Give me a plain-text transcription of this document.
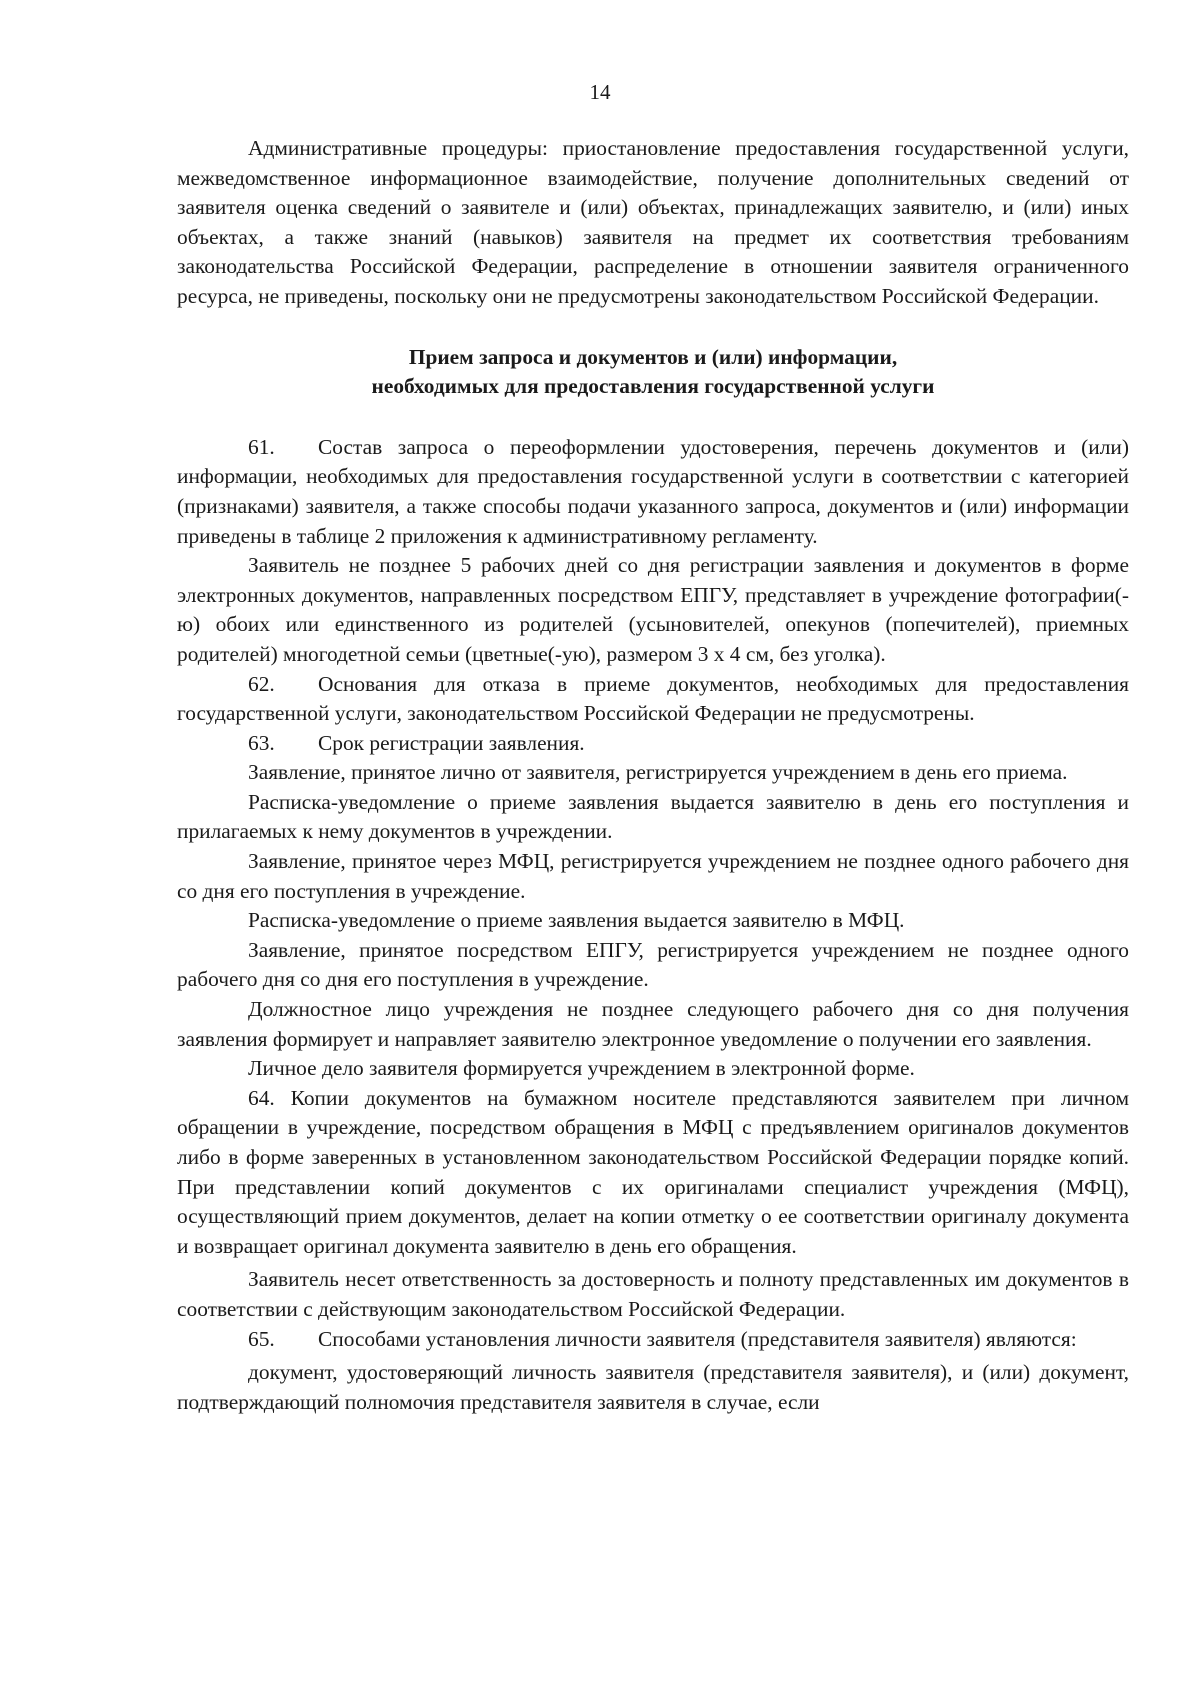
14

Административные процедуры: приостановление предоставления государственной услуги, межведомственное информационное взаимодействие, получение дополнительных сведений от заявителя оценка сведений о заявителе и (или) объектах, принадлежащих заявителю, и (или) иных объектах, а также знаний (навыков) заявителя на предмет их соответствия требованиям законодательства Российской Федерации, распределение в отношении заявителя ограниченного ресурса, не приведены, поскольку они не предусмотрены законодательством Российской Федерации.

Прием запроса и документов и (или) информации,
необходимых для предоставления государственной услуги

61. Состав запроса о переоформлении удостоверения, перечень документов и (или) информации, необходимых для предоставления государственной услуги в соответствии с категорией (признаками) заявителя, а также способы подачи указанного запроса, документов и (или) информации приведены в таблице 2 приложения к административному регламенту.

Заявитель не позднее 5 рабочих дней со дня регистрации заявления и документов в форме электронных документов, направленных посредством ЕПГУ, представляет в учреждение фотографии(-ю) обоих или единственного из родителей (усыновителей, опекунов (попечителей), приемных родителей) многодетной семьи (цветные(-ую), размером 3 х 4 см, без уголка).

62. Основания для отказа в приеме документов, необходимых для предоставления государственной услуги, законодательством Российской Федерации не предусмотрены.

63. Срок регистрации заявления.

Заявление, принятое лично от заявителя, регистрируется учреждением в день его приема.

Расписка-уведомление о приеме заявления выдается заявителю в день его поступления и прилагаемых к нему документов в учреждении.

Заявление, принятое через МФЦ, регистрируется учреждением не позднее одного рабочего дня со дня его поступления в учреждение.

Расписка-уведомление о приеме заявления выдается заявителю в МФЦ.

Заявление, принятое посредством ЕПГУ, регистрируется учреждением не позднее одного рабочего дня со дня его поступления в учреждение.

Должностное лицо учреждения не позднее следующего рабочего дня со дня получения заявления формирует и направляет заявителю электронное уведомление о получении его заявления.

Личное дело заявителя формируется учреждением в электронной форме.

64. Копии документов на бумажном носителе представляются заявителем при личном обращении в учреждение, посредством обращения в МФЦ с предъявлением оригиналов документов либо в форме заверенных в установленном законодательством Российской Федерации порядке копий. При представлении копий документов с их оригиналами специалист учреждения (МФЦ), осуществляющий прием документов, делает на копии отметку о ее соответствии оригиналу документа и возвращает оригинал документа заявителю в день его обращения.

Заявитель несет ответственность за достоверность и полноту представленных им документов в соответствии с действующим законодательством Российской Федерации.

65. Способами установления личности заявителя (представителя заявителя) являются:

документ, удостоверяющий личность заявителя (представителя заявителя), и (или) документ, подтверждающий полномочия представителя заявителя в случае, если
